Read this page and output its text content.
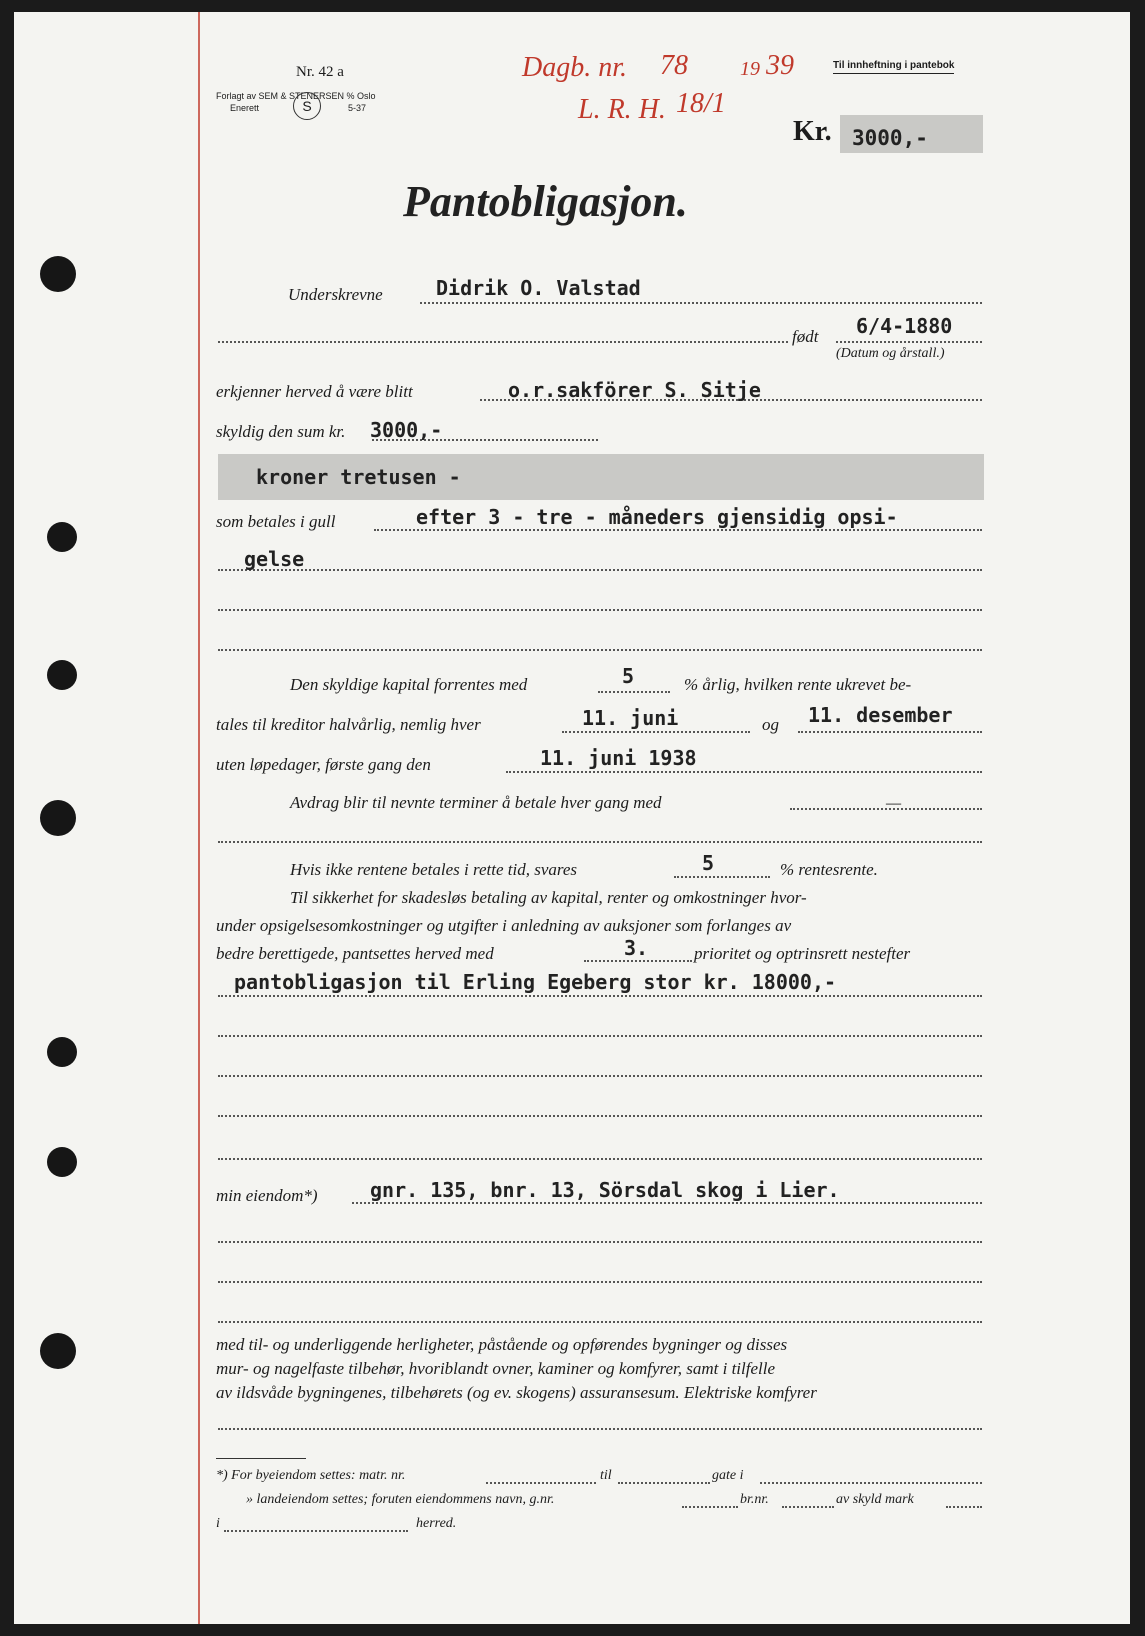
Nr. 42 a
Forlagt av SEM & STENERSEN % Oslo
Enerett	5-37
S
Dagb. nr. 78	19 39
L. R. H. 18/1
Til innheftning i pantebok
Kr. 3000,-
Pantobligasjon.
Underskrevne	Didrik O. Valstad
født 6/4-1880
(Datum og årstall.)
erkjenner herved å være blitt	o.r.sakförer S. Sitje
skyldig den sum kr. 3000,-
kroner tretusen -
som betales i gull	efter 3 - tre - måneders gjensidig opsi-
gelse
Den skyldige kapital forrentes med	5	% årlig, hvilken rente ukrevet be-
tales til kreditor halvårlig, nemlig hver	11. juni	og 11. desember
uten løpedager, første gang den	11. juni 1938
Avdrag blir til nevnte terminer å betale hver gang med	—
Hvis ikke rentene betales i rette tid, svares	5	% rentesrente.
Til sikkerhet for skadesløs betaling av kapital, renter og omkostninger hvor-
under opsigelsesomkostninger og utgifter i anledning av auksjoner som forlanges av
bedre berettigede, pantsettes herved med	3.	prioritet og optrinsrett nestefter
pantobligasjon til Erling Egeberg stor kr. 18000,-
min eiendom*)	gnr. 135, bnr. 13, Sörsdal skog i Lier.
med til- og underliggende herligheter, påstående og opførendes bygninger og disses
mur- og nagelfaste tilbehør, hvoriblandt ovner, kaminer og komfyrer, samt i tilfelle
av ildsvåde bygningenes, tilbehørets (og ev. skogens) assuransesum. Elektriske komfyrer
*) For byeiendom settes: matr. nr.	til	gate i
» landeiendom settes; foruten eiendommens navn, g.nr.	br.nr.	av skyld mark
i	herred.
